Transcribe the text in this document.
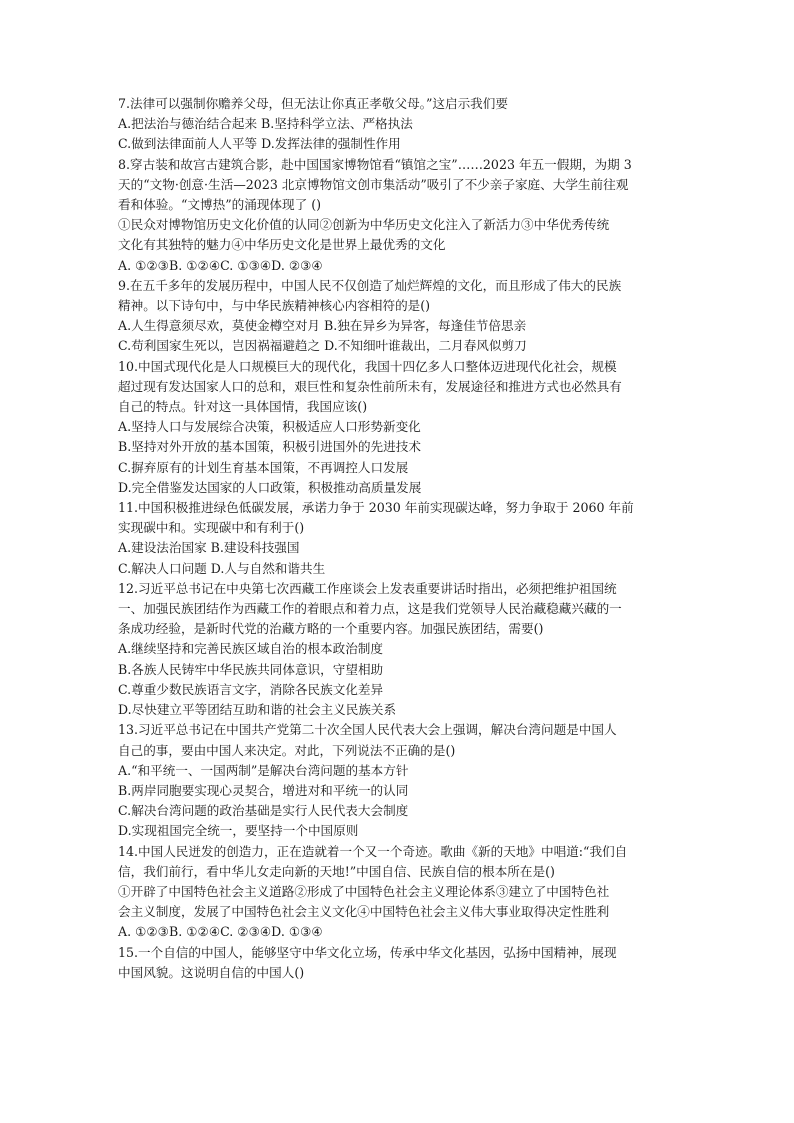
7.法律可以强制你赡养父母，但无法让你真正孝敬父母。”这启示我们要
A.把法治与德治结合起来 B.坚持科学立法、严格执法
C.做到法律面前人人平等 D.发挥法律的强制性作用
8.穿古装和故宫古建筑合影，赴中国国家博物馆看“镇馆之宝”……2023 年五一假期，为期 3
天的“文物·创意·生活—2023 北京博物馆文创市集活动”吸引了不少亲子家庭、大学生前往观
看和体验。“文博热”的涌现体现了 ()
①民众对博物馆历史文化价值的认同②创新为中华历史文化注入了新活力③中华优秀传统
文化有其独特的魅力④中华历史文化是世界上最优秀的文化
A. ①②③B. ①②④C. ①③④D. ②③④
9.在五千多年的发展历程中，中国人民不仅创造了灿烂辉煌的文化，而且形成了伟大的民族
精神。以下诗句中，与中华民族精神核心内容相符的是()
A.人生得意须尽欢，莫使金樽空对月 B.独在异乡为异客，每逢佳节倍思亲
C.苟利国家生死以，岂因祸福避趋之 D.不知细叶谁裁出，二月春风似剪刀
10.中国式现代化是人口规模巨大的现代化，我国十四亿多人口整体迈进现代化社会，规模
超过现有发达国家人口的总和，艰巨性和复杂性前所未有，发展途径和推进方式也必然具有
自己的特点。针对这一具体国情，我国应该()
A.坚持人口与发展综合决策，积极适应人口形势新变化
B.坚持对外开放的基本国策，积极引进国外的先进技术
C.摒弃原有的计划生育基本国策，不再调控人口发展
D.完全借鉴发达国家的人口政策，积极推动高质量发展
11.中国积极推进绿色低碳发展，承诺力争于 2030 年前实现碳达峰，努力争取于 2060 年前
实现碳中和。实现碳中和有利于()
A.建设法治国家 B.建设科技强国
C.解决人口问题 D.人与自然和谐共生
12.习近平总书记在中央第七次西藏工作座谈会上发表重要讲话时指出，必须把维护祖国统
一、加强民族团结作为西藏工作的着眼点和着力点，这是我们党领导人民治藏稳藏兴藏的一
条成功经验，是新时代党的治藏方略的一个重要内容。加强民族团结，需要()
A.继续坚持和完善民族区域自治的根本政治制度
B.各族人民铸牢中华民族共同体意识，守望相助
C.尊重少数民族语言文字，消除各民族文化差异
D.尽快建立平等团结互助和谐的社会主义民族关系
13.习近平总书记在中国共产党第二十次全国人民代表大会上强调，解决台湾问题是中国人
自己的事，要由中国人来决定。对此，下列说法不正确的是()
A.“和平统一、一国两制”是解决台湾问题的基本方针
B.两岸同胞要实现心灵契合，增进对和平统一的认同
C.解决台湾问题的政治基础是实行人民代表大会制度
D.实现祖国完全统一，要坚持一个中国原则
14.中国人民迸发的创造力，正在造就着一个又一个奇迹。歌曲《新的天地》中唱道:“我们自
信，我们前行，看中华儿女走向新的天地!”中国自信、民族自信的根本所在是()
①开辟了中国特色社会主义道路②形成了中国特色社会主义理论体系③建立了中国特色社
会主义制度，发展了中国特色社会主义文化④中国特色社会主义伟大事业取得决定性胜利
A. ①②③B. ①②④C. ②③④D. ①③④
15.一个自信的中国人，能够坚守中华文化立场，传承中华文化基因，弘扬中国精神，展现
中国风貌。这说明自信的中国人()
